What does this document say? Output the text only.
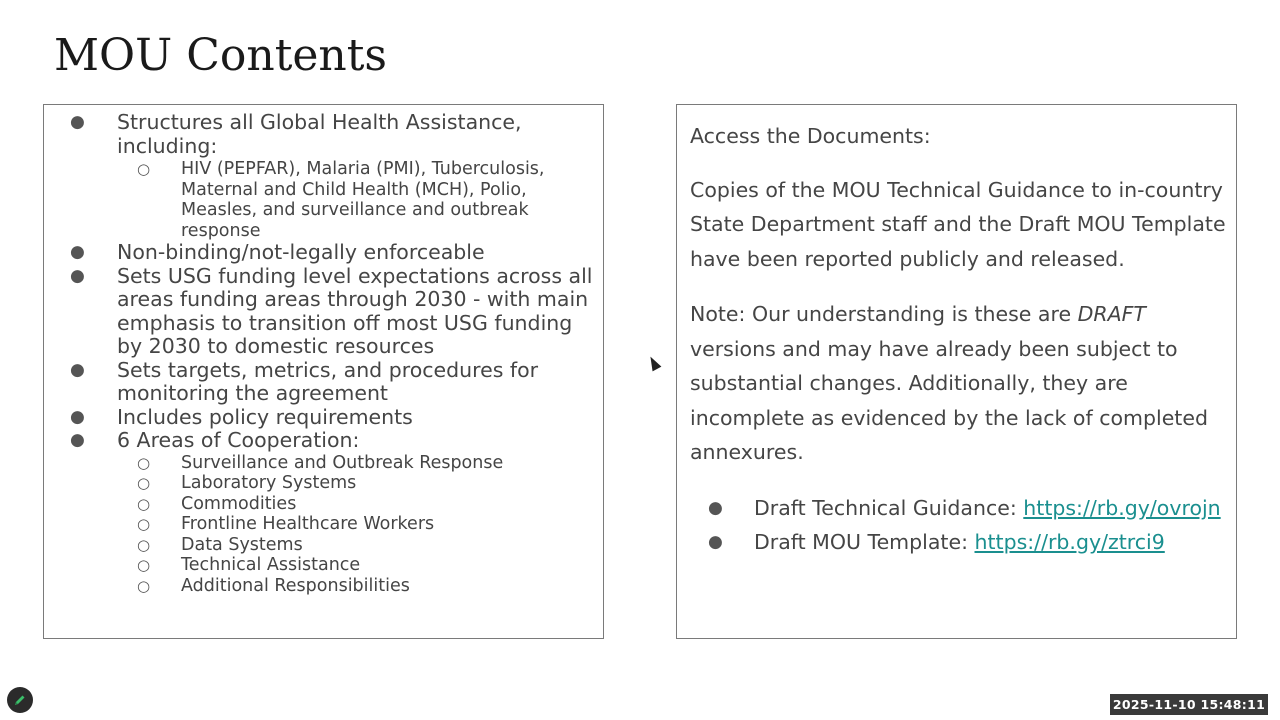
MOU Contents
● Structures all Global Health Assistance, including:
○ HIV (PEPFAR), Malaria (PMI), Tuberculosis, Maternal and Child Health (MCH), Polio, Measles, and surveillance and outbreak response
● Non-binding/not-legally enforceable
● Sets USG funding level expectations across all areas funding areas through 2030 - with main emphasis to transition off most USG funding by 2030 to domestic resources
● Sets targets, metrics, and procedures for monitoring the agreement
● Includes policy requirements
● 6 Areas of Cooperation:
○ Surveillance and Outbreak Response
○ Laboratory Systems
○ Commodities
○ Frontline Healthcare Workers
○ Data Systems
○ Technical Assistance
○ Additional Responsibilities

Access the Documents:

Copies of the MOU Technical Guidance to in-country State Department staff and the Draft MOU Template have been reported publicly and released.

Note: Our understanding is these are DRAFT versions and may have already been subject to substantial changes. Additionally, they are incomplete as evidenced by the lack of completed annexures.

● Draft Technical Guidance: https://rb.gy/ovrojn
● Draft MOU Template: https://rb.gy/ztrci9
2025-11-10 15:48:11
